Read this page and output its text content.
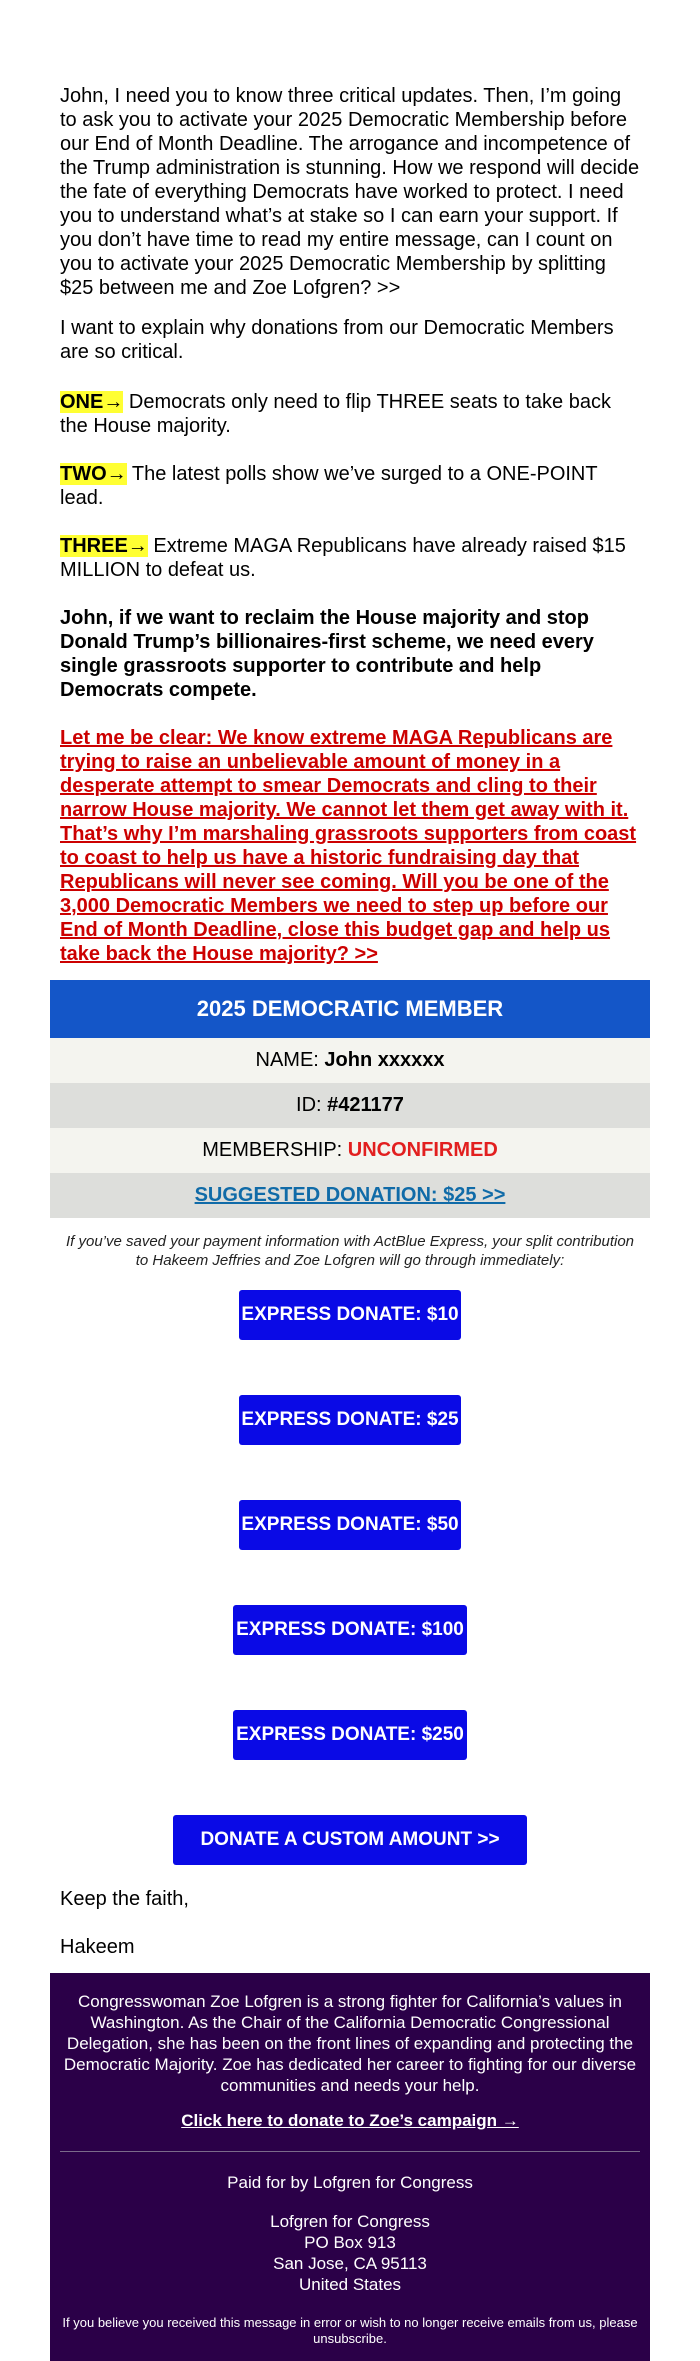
John, I need you to know three critical updates. Then, I’m going to ask you to activate your 2025 Democratic Membership before our End of Month Deadline. The arrogance and incompetence of the Trump administration is stunning. How we respond will decide the fate of everything Democrats have worked to protect. I need you to understand what’s at stake so I can earn your support. If you don’t have time to read my entire message, can I count on you to activate your 2025 Democratic Membership by splitting $25 between me and Zoe Lofgren? >>

I want to explain why donations from our Democratic Members are so critical.

ONE→ Democrats only need to flip THREE seats to take back the House majority.

TWO→ The latest polls show we’ve surged to a ONE-POINT lead.

THREE→ Extreme MAGA Republicans have already raised $15 MILLION to defeat us.

John, if we want to reclaim the House majority and stop Donald Trump’s billionaires-first scheme, we need every single grassroots supporter to contribute and help Democrats compete.

Let me be clear: We know extreme MAGA Republicans are trying to raise an unbelievable amount of money in a desperate attempt to smear Democrats and cling to their narrow House majority. We cannot let them get away with it. That’s why I’m marshaling grassroots supporters from coast to coast to help us have a historic fundraising day that Republicans will never see coming. Will you be one of the 3,000 Democratic Members we need to step up before our End of Month Deadline, close this budget gap and help us take back the House majority? >>

2025 DEMOCRATIC MEMBER
NAME: John xxxxxx
ID: #421177
MEMBERSHIP: UNCONFIRMED
SUGGESTED DONATION: $25 >>

If you’ve saved your payment information with ActBlue Express, your split contribution to Hakeem Jeffries and Zoe Lofgren will go through immediately:

EXPRESS DONATE: $10 >>
EXPRESS DONATE: $25 >>
EXPRESS DONATE: $50 >>
EXPRESS DONATE: $100 >>
EXPRESS DONATE: $250 >>
DONATE A CUSTOM AMOUNT >>

Keep the faith,

Hakeem

Congresswoman Zoe Lofgren is a strong fighter for California’s values in Washington. As the Chair of the California Democratic Congressional Delegation, she has been on the front lines of expanding and protecting the Democratic Majority. Zoe has dedicated her career to fighting for our diverse communities and needs your help.

Click here to donate to Zoe’s campaign →

Paid for by Lofgren for Congress

Lofgren for Congress

PO Box 913

San Jose, CA 95113

United States

If you believe you received this message in error or wish to no longer receive emails from us, please unsubscribe.
